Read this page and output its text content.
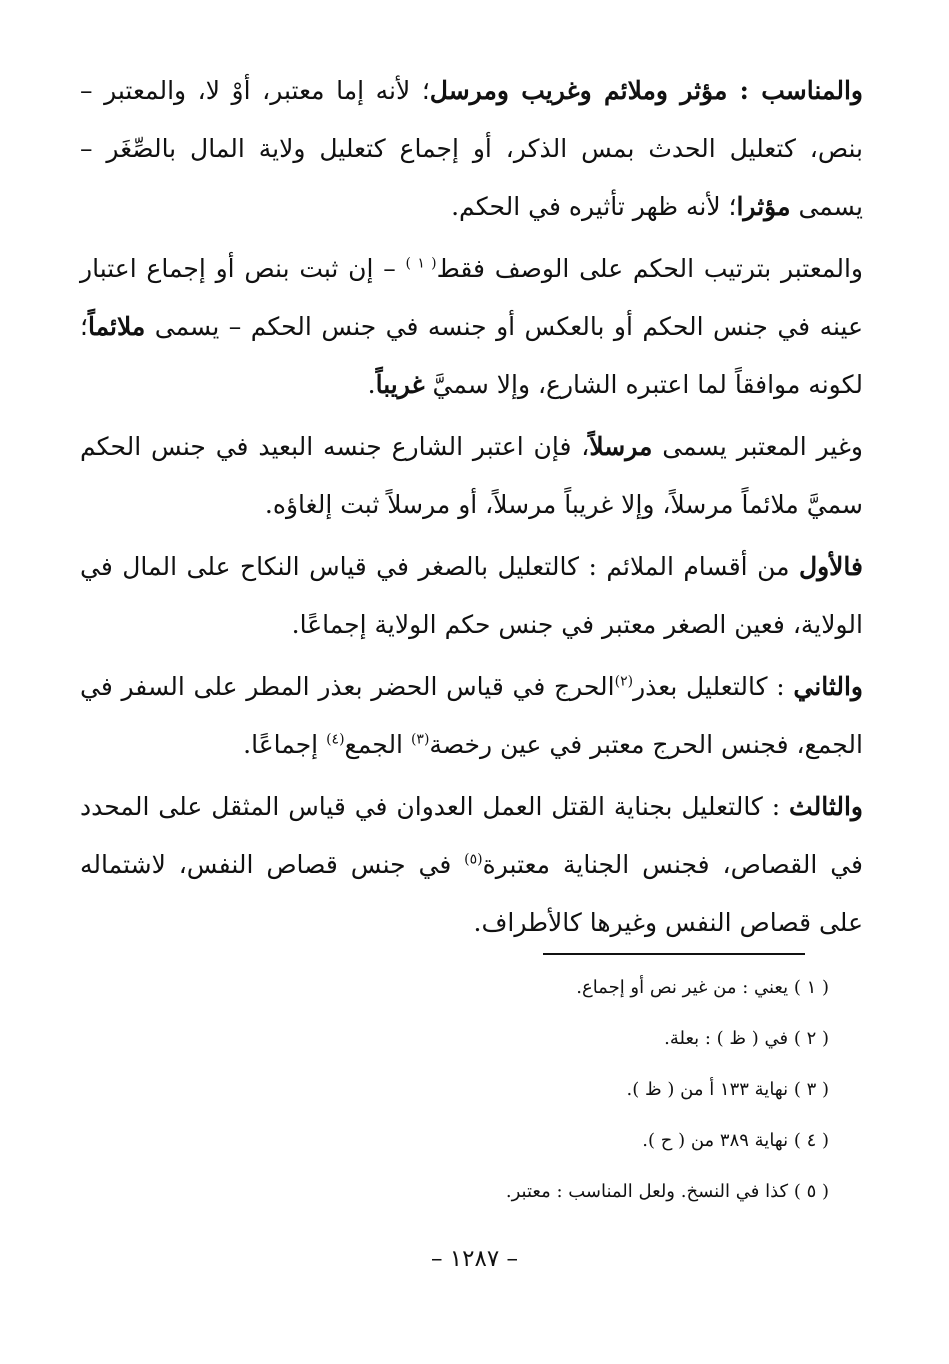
والمناسب : مؤثر وملائم وغريب ومرسل؛ لأنه إما معتبر، أوْ لا، والمعتبر – بنص، كتعليل الحدث بمس الذكر، أو إجماع كتعليل ولاية المال بالصِّغَر – يسمى مؤثرا؛ لأنه ظهر تأثيره في الحكم.

والمعتبر بترتيب الحكم على الوصف فقط$^{( ١ )}$ – إن ثبت بنص أو إجماع اعتبار عينه في جنس الحكم أو بالعكس أو جنسه في جنس الحكم – يسمى ملائماً؛ لكونه موافقاً لما اعتبره الشارع، وإلا سميَّ غريباً.

وغير المعتبر يسمى مرسلاً، فإن اعتبر الشارع جنسه البعيد في جنس الحكم سميَّ ملائماً مرسلاً، وإلا غريباً مرسلاً، أو مرسلاً ثبت إلغاؤه.

فالأول من أقسام الملائم : كالتعليل بالصغر في قياس النكاح على المال في الولاية، فعين الصغر معتبر في جنس حكم الولاية إجماعًا.

والثاني : كالتعليل بعذر$^{(٢)}$الحرج في قياس الحضر بعذر المطر على السفر في الجمع، فجنس الحرج معتبر في عين رخصة$^{(٣)}$ الجمع$^{(٤)}$ إجماعًا.

والثالث : كالتعليل بجناية القتل العمل العدوان في قياس المثقل على المحدد في القصاص، فجنس الجناية معتبرة$^{(٥)}$ في جنس قصاص النفس، لاشتماله على قصاص النفس وغيرها كالأطراف.

( ١ ) يعني : من غير نص أو إجماع.

( ٢ ) في ( ظ ) : بعلة.

( ٣ ) نهاية ١٣٣ أ من ( ظ ).

( ٤ ) نهاية ٣٨٩ من ( ح ).

( ٥ ) كذا في النسخ. ولعل المناسب : معتبر.

– ١٢٨٧ –
